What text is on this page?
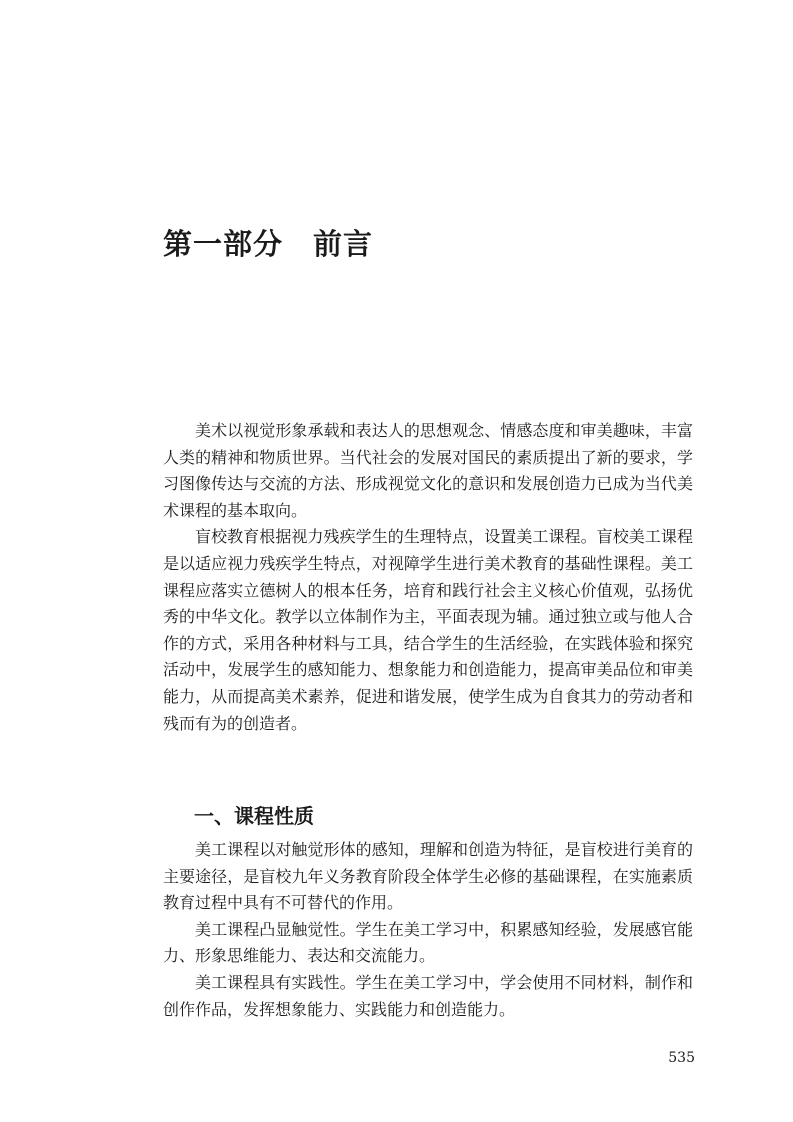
第一部分　前言

美术以视觉形象承载和表达人的思想观念、情感态度和审美趣味，丰富人类的精神和物质世界。当代社会的发展对国民的素质提出了新的要求，学习图像传达与交流的方法、形成视觉文化的意识和发展创造力已成为当代美术课程的基本取向。

盲校教育根据视力残疾学生的生理特点，设置美工课程。盲校美工课程是以适应视力残疾学生特点，对视障学生进行美术教育的基础性课程。美工课程应落实立德树人的根本任务，培育和践行社会主义核心价值观，弘扬优秀的中华文化。教学以立体制作为主，平面表现为辅。通过独立或与他人合作的方式，采用各种材料与工具，结合学生的生活经验，在实践体验和探究活动中，发展学生的感知能力、想象能力和创造能力，提高审美品位和审美能力，从而提高美术素养，促进和谐发展，使学生成为自食其力的劳动者和残而有为的创造者。

一、课程性质

美工课程以对触觉形体的感知，理解和创造为特征，是盲校进行美育的主要途径，是盲校九年义务教育阶段全体学生必修的基础课程，在实施素质教育过程中具有不可替代的作用。

美工课程凸显触觉性。学生在美工学习中，积累感知经验，发展感官能力、形象思维能力、表达和交流能力。

美工课程具有实践性。学生在美工学习中，学会使用不同材料，制作和创作作品，发挥想象能力、实践能力和创造能力。

535
